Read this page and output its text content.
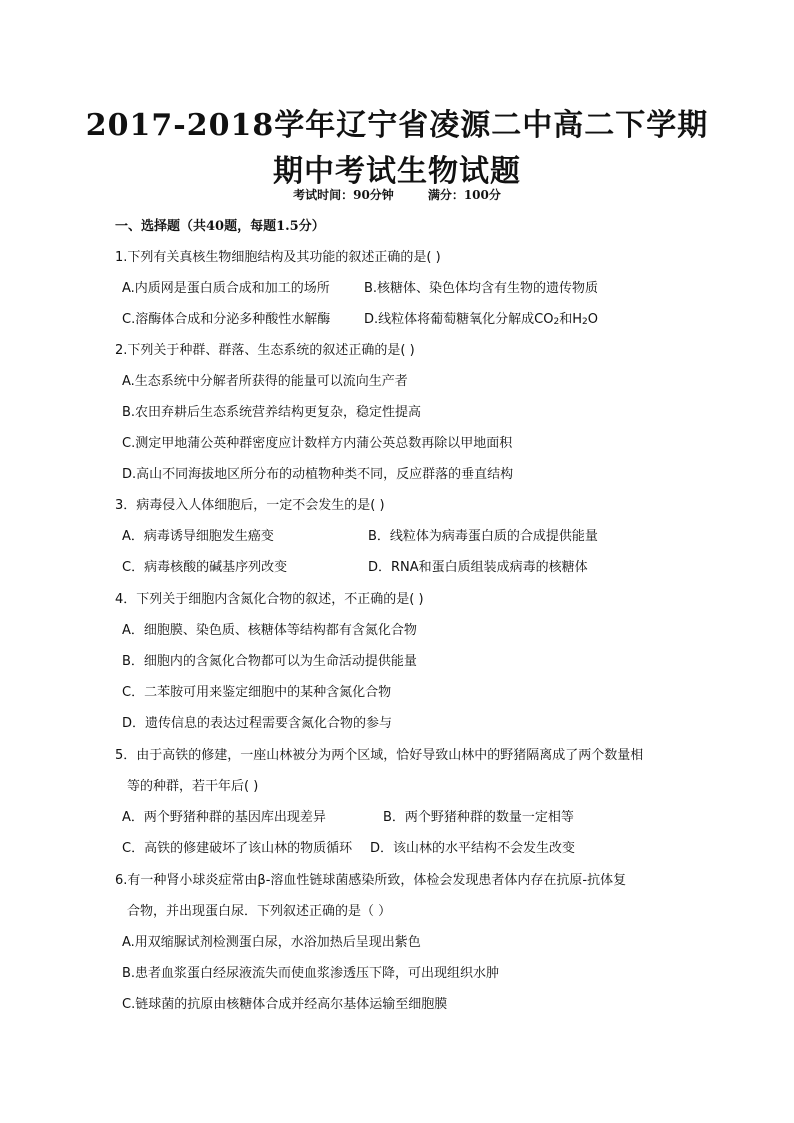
2017-2018学年辽宁省凌源二中高二下学期
期中考试生物试题
考试时间：90分钟	满分：100分
一、选择题（共40题，每题1.5分）
1.下列有关真核生物细胞结构及其功能的叙述正确的是( )
A.内质网是蛋白质合成和加工的场所	B.核糖体、染色体均含有生物的遗传物质
C.溶酶体合成和分泌多种酸性水解酶	D.线粒体将葡萄糖氧化分解成$CO_2$和$H_2O$
2.下列关于种群、群落、生态系统的叙述正确的是( )
A.生态系统中分解者所获得的能量可以流向生产者
B.农田弃耕后生态系统营养结构更复杂，稳定性提高
C.测定甲地蒲公英种群密度应计数样方内蒲公英总数再除以甲地面积
D.高山不同海拔地区所分布的动植物种类不同，反应群落的垂直结构
3．病毒侵入人体细胞后，一定不会发生的是( )
A．病毒诱导细胞发生癌变	B．线粒体为病毒蛋白质的合成提供能量
C．病毒核酸的碱基序列改变	D．RNA和蛋白质组装成病毒的核糖体
4．下列关于细胞内含氮化合物的叙述，不正确的是( )
A．细胞膜、染色质、核糖体等结构都有含氮化合物
B．细胞内的含氮化合物都可以为生命活动提供能量
C．二苯胺可用来鉴定细胞中的某种含氮化合物
D．遗传信息的表达过程需要含氮化合物的参与
5．由于高铁的修建，一座山林被分为两个区域，恰好导致山林中的野猪隔离成了两个数量相
等的种群，若干年后( )
A．两个野猪种群的基因库出现差异	B．两个野猪种群的数量一定相等
C．高铁的修建破坏了该山林的物质循环 D．该山林的水平结构不会发生改变
6.有一种肾小球炎症常由β-溶血性链球菌感染所致，体检会发现患者体内存在抗原-抗体复
合物，并出现蛋白尿．下列叙述正确的是（ ）
A.用双缩脲试剂检测蛋白尿，水浴加热后呈现出紫色
B.患者血浆蛋白经尿液流失而使血浆渗透压下降，可出现组织水肿
C.链球菌的抗原由核糖体合成并经高尔基体运输至细胞膜
